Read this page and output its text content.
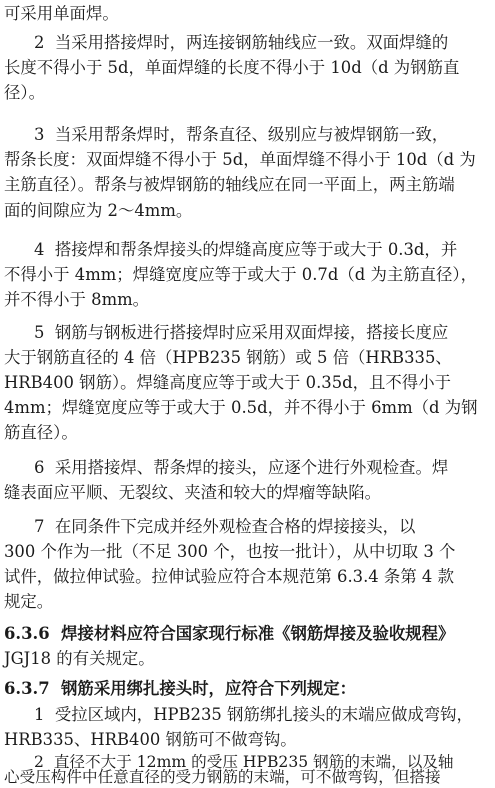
可采用单面焊。
2  当采用搭接焊时，两连接钢筋轴线应一致。双面焊缝的
长度不得小于 5d，单面焊缝的长度不得小于 10d（d 为钢筋直
径）。
3  当采用帮条焊时，帮条直径、级别应与被焊钢筋一致，
帮条长度：双面焊缝不得小于 5d，单面焊缝不得小于 10d（d 为
主筋直径）。帮条与被焊钢筋的轴线应在同一平面上，两主筋端
面的间隙应为 2～4mm。
4  搭接焊和帮条焊接头的焊缝高度应等于或大于 0.3d，并
不得小于 4mm；焊缝宽度应等于或大于 0.7d（d 为主筋直径），
并不得小于 8mm。
5  钢筋与钢板进行搭接焊时应采用双面焊接，搭接长度应
大于钢筋直径的 4 倍（HPB235 钢筋）或 5 倍（HRB335、
HRB400 钢筋）。焊缝高度应等于或大于 0.35d，且不得小于
4mm；焊缝宽度应等于或大于 0.5d，并不得小于 6mm（d 为钢
筋直径）。
6  采用搭接焊、帮条焊的接头，应逐个进行外观检查。焊
缝表面应平顺、无裂纹、夹渣和较大的焊瘤等缺陷。
7  在同条件下完成并经外观检查合格的焊接接头，以
300 个作为一批（不足 300 个，也按一批计），从中切取 3 个
试件，做拉伸试验。拉伸试验应符合本规范第 6.3.4 条第 4 款
规定。
6.3.6  焊接材料应符合国家现行标准《钢筋焊接及验收规程》
JGJ18 的有关规定。
6.3.7  钢筋采用绑扎接头时，应符合下列规定：
1  受拉区域内，HPB235 钢筋绑扎接头的末端应做成弯钩，
HRB335、HRB400 钢筋可不做弯钩。
2  直径不大于 12mm 的受压 HPB235 钢筋的末端，以及轴
心受压构件中任意直径的受力钢筋的末端，可不做弯钩，但搭接
